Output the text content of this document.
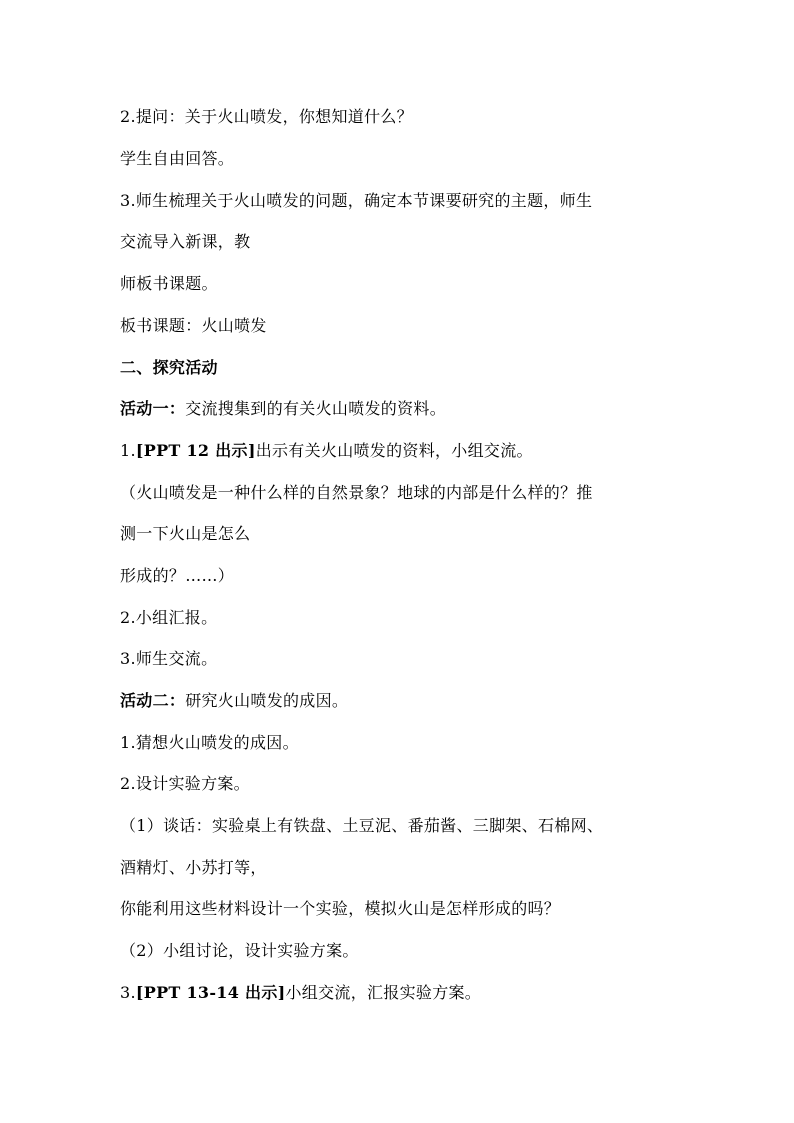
2.提问：关于火山喷发，你想知道什么？
学生自由回答。
3.师生梳理关于火山喷发的问题，确定本节课要研究的主题，师生
交流导入新课，教
师板书课题。
板书课题：火山喷发
二、探究活动
活动一：交流搜集到的有关火山喷发的资料。
1.[PPT 12 出示]出示有关火山喷发的资料，小组交流。
（火山喷发是一种什么样的自然景象？地球的内部是什么样的？推
测一下火山是怎么
形成的？……）
2.小组汇报。
3.师生交流。
活动二：研究火山喷发的成因。
1.猜想火山喷发的成因。
2.设计实验方案。
（1）谈话：实验桌上有铁盘、土豆泥、番茄酱、三脚架、石棉网、
酒精灯、小苏打等，
你能利用这些材料设计一个实验，模拟火山是怎样形成的吗？
（2）小组讨论，设计实验方案。
3.[PPT 13-14 出示]小组交流，汇报实验方案。
